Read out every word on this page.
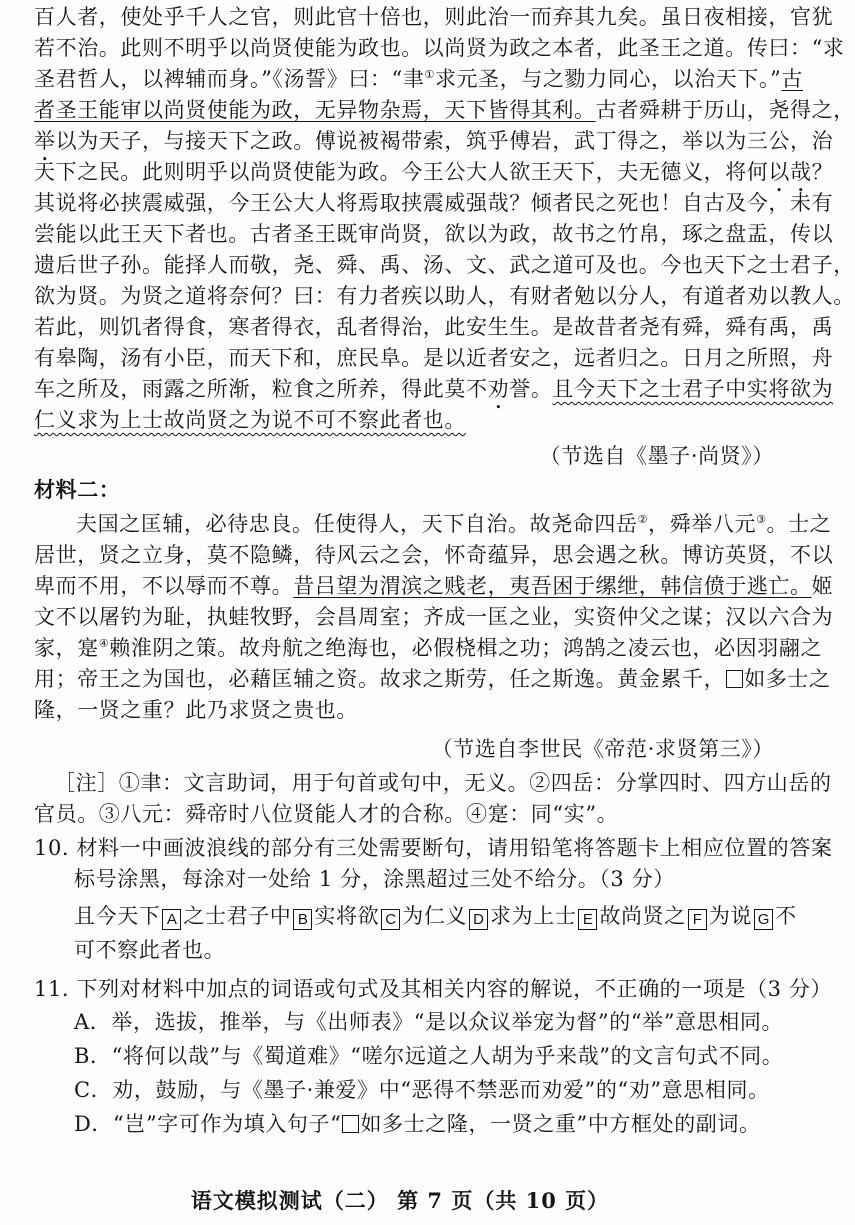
百人者，使处乎千人之官，则此官十倍也，则此治一而弃其九矣。虽日夜相接，官犹
若不治。此则不明乎以尚贤使能为政也。以尚贤为政之本者，此圣王之道。传曰：“求
圣君哲人，以裨辅而身。”《汤誓》曰：“聿①求元圣，与之勠力同心，以治天下。”古
者圣王能审以尚贤使能为政，无异物杂焉，天下皆得其利。古者舜耕于历山，尧得之，
举以为天子，与接天下之政。傅说被褐带索，筑乎傅岩，武丁得之，举以为三公，治
天下之民。此则明乎以尚贤使能为政。今王公大人欲王天下，夫无德义，将何以哉？
其说将必挟震威强，今王公大人将焉取挟震威强哉？倾者民之死也！自古及今，未有
尝能以此王天下者也。古者圣王既审尚贤，欲以为政，故书之竹帛，琢之盘盂，传以
遗后世子孙。能择人而敬，尧、舜、禹、汤、文、武之道可及也。今也天下之士君子，
欲为贤。为贤之道将奈何？曰：有力者疾以助人，有财者勉以分人，有道者劝以教人。
若此，则饥者得食，寒者得衣，乱者得治，此安生生。是故昔者尧有舜，舜有禹，禹
有皋陶，汤有小臣，而天下和，庶民阜。是以近者安之，远者归之。日月之所照，舟
车之所及，雨露之所渐，粒食之所养，得此莫不劝誉。且今天下之士君子中实将欲为
仁义求为上士故尚贤之为说不可不察此者也。
（节选自《墨子·尚贤》）
材料二：
夫国之匡辅，必待忠良。任使得人，天下自治。故尧命四岳②，舜举八元③。士之
居世，贤之立身，莫不隐鳞，待风云之会，怀奇蕴异，思会遇之秋。博访英贤，不以
卑而不用，不以辱而不尊。昔吕望为渭滨之贱老，夷吾困于缧绁，韩信偾于逃亡。姬
文不以屠钓为耻，执蛙牧野，会昌周室；齐成一匡之业，实资仲父之谋；汉以六合为
家，寔④赖淮阴之策。故舟航之绝海也，必假桡楫之功；鸿鹄之凌云也，必因羽翮之
用；帝王之为国也，必藉匡辅之资。故求之斯劳，任之斯逸。黄金累千， 如多士之
隆，一贤之重？此乃求贤之贵也。
（节选自李世民《帝范·求贤第三》）
［注］①聿：文言助词，用于句首或句中，无义。②四岳：分掌四时、四方山岳的
官员。③八元：舜帝时八位贤能人才的合称。④寔：同“实”。
10. 材料一中画波浪线的部分有三处需要断句，请用铅笔将答题卡上相应位置的答案
标号涂黑，每涂对一处给 1 分，涂黑超过三处不给分。（3 分）
且今天下 A 之士君子中 B 实将欲 C 为仁义 D 求为上士 E 故尚贤之 F 为说 G 不
可不察此者也。
11. 下列对材料中加点的词语或句式及其相关内容的解说，不正确的一项是（3 分）
A．举，选拔，推举，与《出师表》“是以众议举宠为督”的“举”意思相同。
B．“将何以哉”与《蜀道难》“嗟尔远道之人胡为乎来哉”的文言句式不同。
C．劝，鼓励，与《墨子·兼爱》中“恶得不禁恶而劝爱”的“劝”意思相同。
D．“岂”字可作为填入句子“ 如多士之隆，一贤之重”中方框处的副词。
语文模拟测试（二） 第 7 页（共 10 页）
